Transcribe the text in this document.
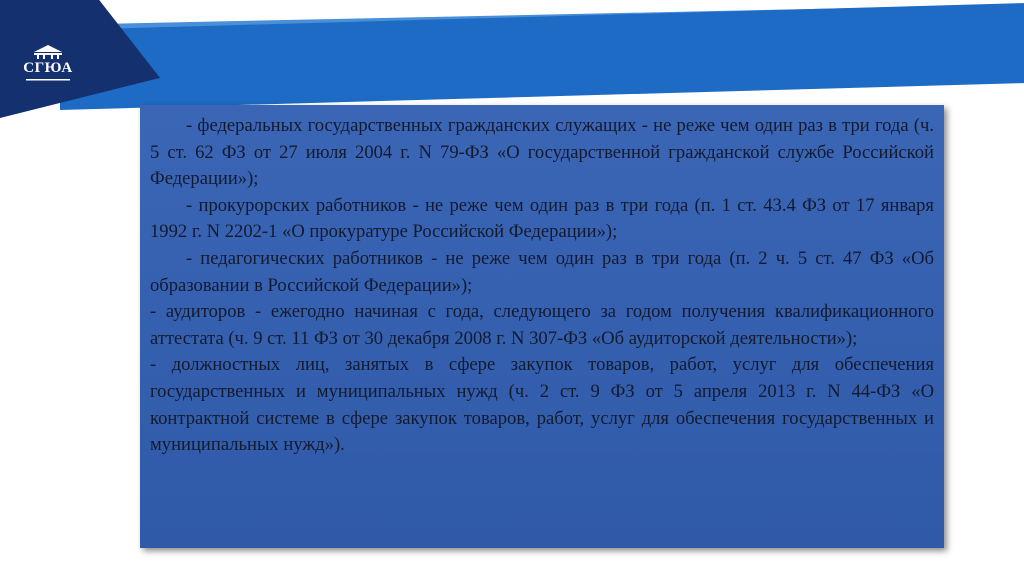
СГЮА

- федеральных государственных гражданских служащих - не реже чем один раз в три года (ч. 5 ст. 62 ФЗ от 27 июля 2004 г. N 79-ФЗ «О государственной гражданской службе Российской Федерации»);

- прокурорских работников - не реже чем один раз в три года (п. 1 ст. 43.4 ФЗ от 17 января 1992 г. N 2202-1 «О прокуратуре Российской Федерации»);

- педагогических работников - не реже чем один раз в три года (п. 2 ч. 5 ст. 47 ФЗ «Об образовании в Российской Федерации»);

- аудиторов - ежегодно начиная с года, следующего за годом получения квалификационного аттестата (ч. 9 ст. 11 ФЗ от 30 декабря 2008 г. N 307-ФЗ «Об аудиторской деятельности»);

- должностных лиц, занятых в сфере закупок товаров, работ, услуг для обеспечения государственных и муниципальных нужд (ч. 2 ст. 9 ФЗ от 5 апреля 2013 г. N 44-ФЗ «О контрактной системе в сфере закупок товаров, работ, услуг для обеспечения государственных и муниципальных нужд»).
